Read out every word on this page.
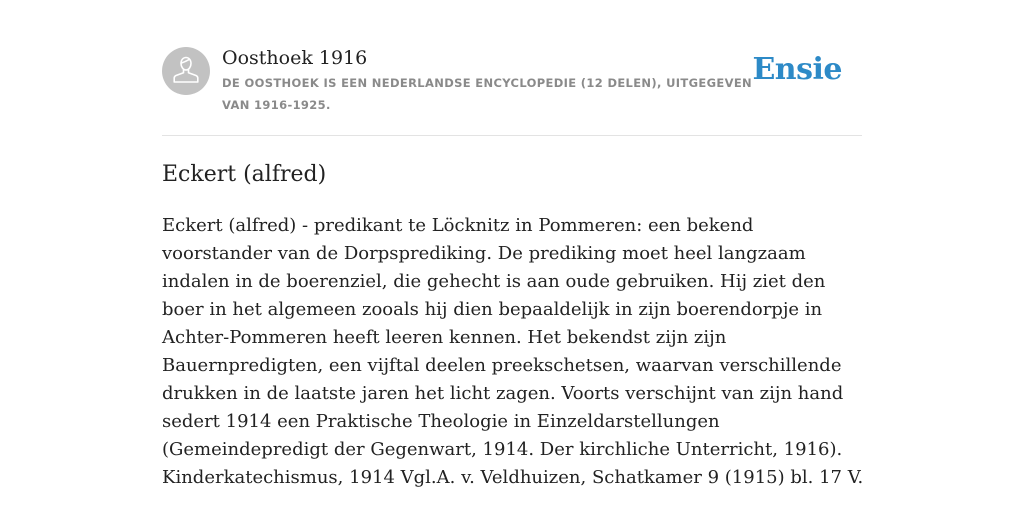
Oosthoek 1916
DE OOSTHOEK IS EEN NEDERLANDSE ENCYCLOPEDIE (12 DELEN), UITGEGEVEN VAN 1916-1925.
Ensie
Eckert (alfred)

Eckert (alfred) - predikant te Löcknitz in Pommeren: een bekend voorstander van de Dorpsprediking. De prediking moet heel langzaam indalen in de boerenziel, die gehecht is aan oude gebruiken. Hij ziet den boer in het algemeen zooals hij dien bepaaldelijk in zijn boerendorpje in Achter-Pommeren heeft leeren kennen. Het bekendst zijn zijn Bauernpredigten, een vijftal deelen preekschetsen, waarvan verschillende drukken in de laatste jaren het licht zagen. Voorts verschijnt van zijn hand sedert 1914 een Praktische Theologie in Einzeldarstellungen (Gemeindepredigt der Gegenwart, 1914. Der kirchliche Unterricht, 1916). Kinderkatechismus, 1914 Vgl.A. v. Veldhuizen, Schatkamer 9 (1915) bl. 17 V.
